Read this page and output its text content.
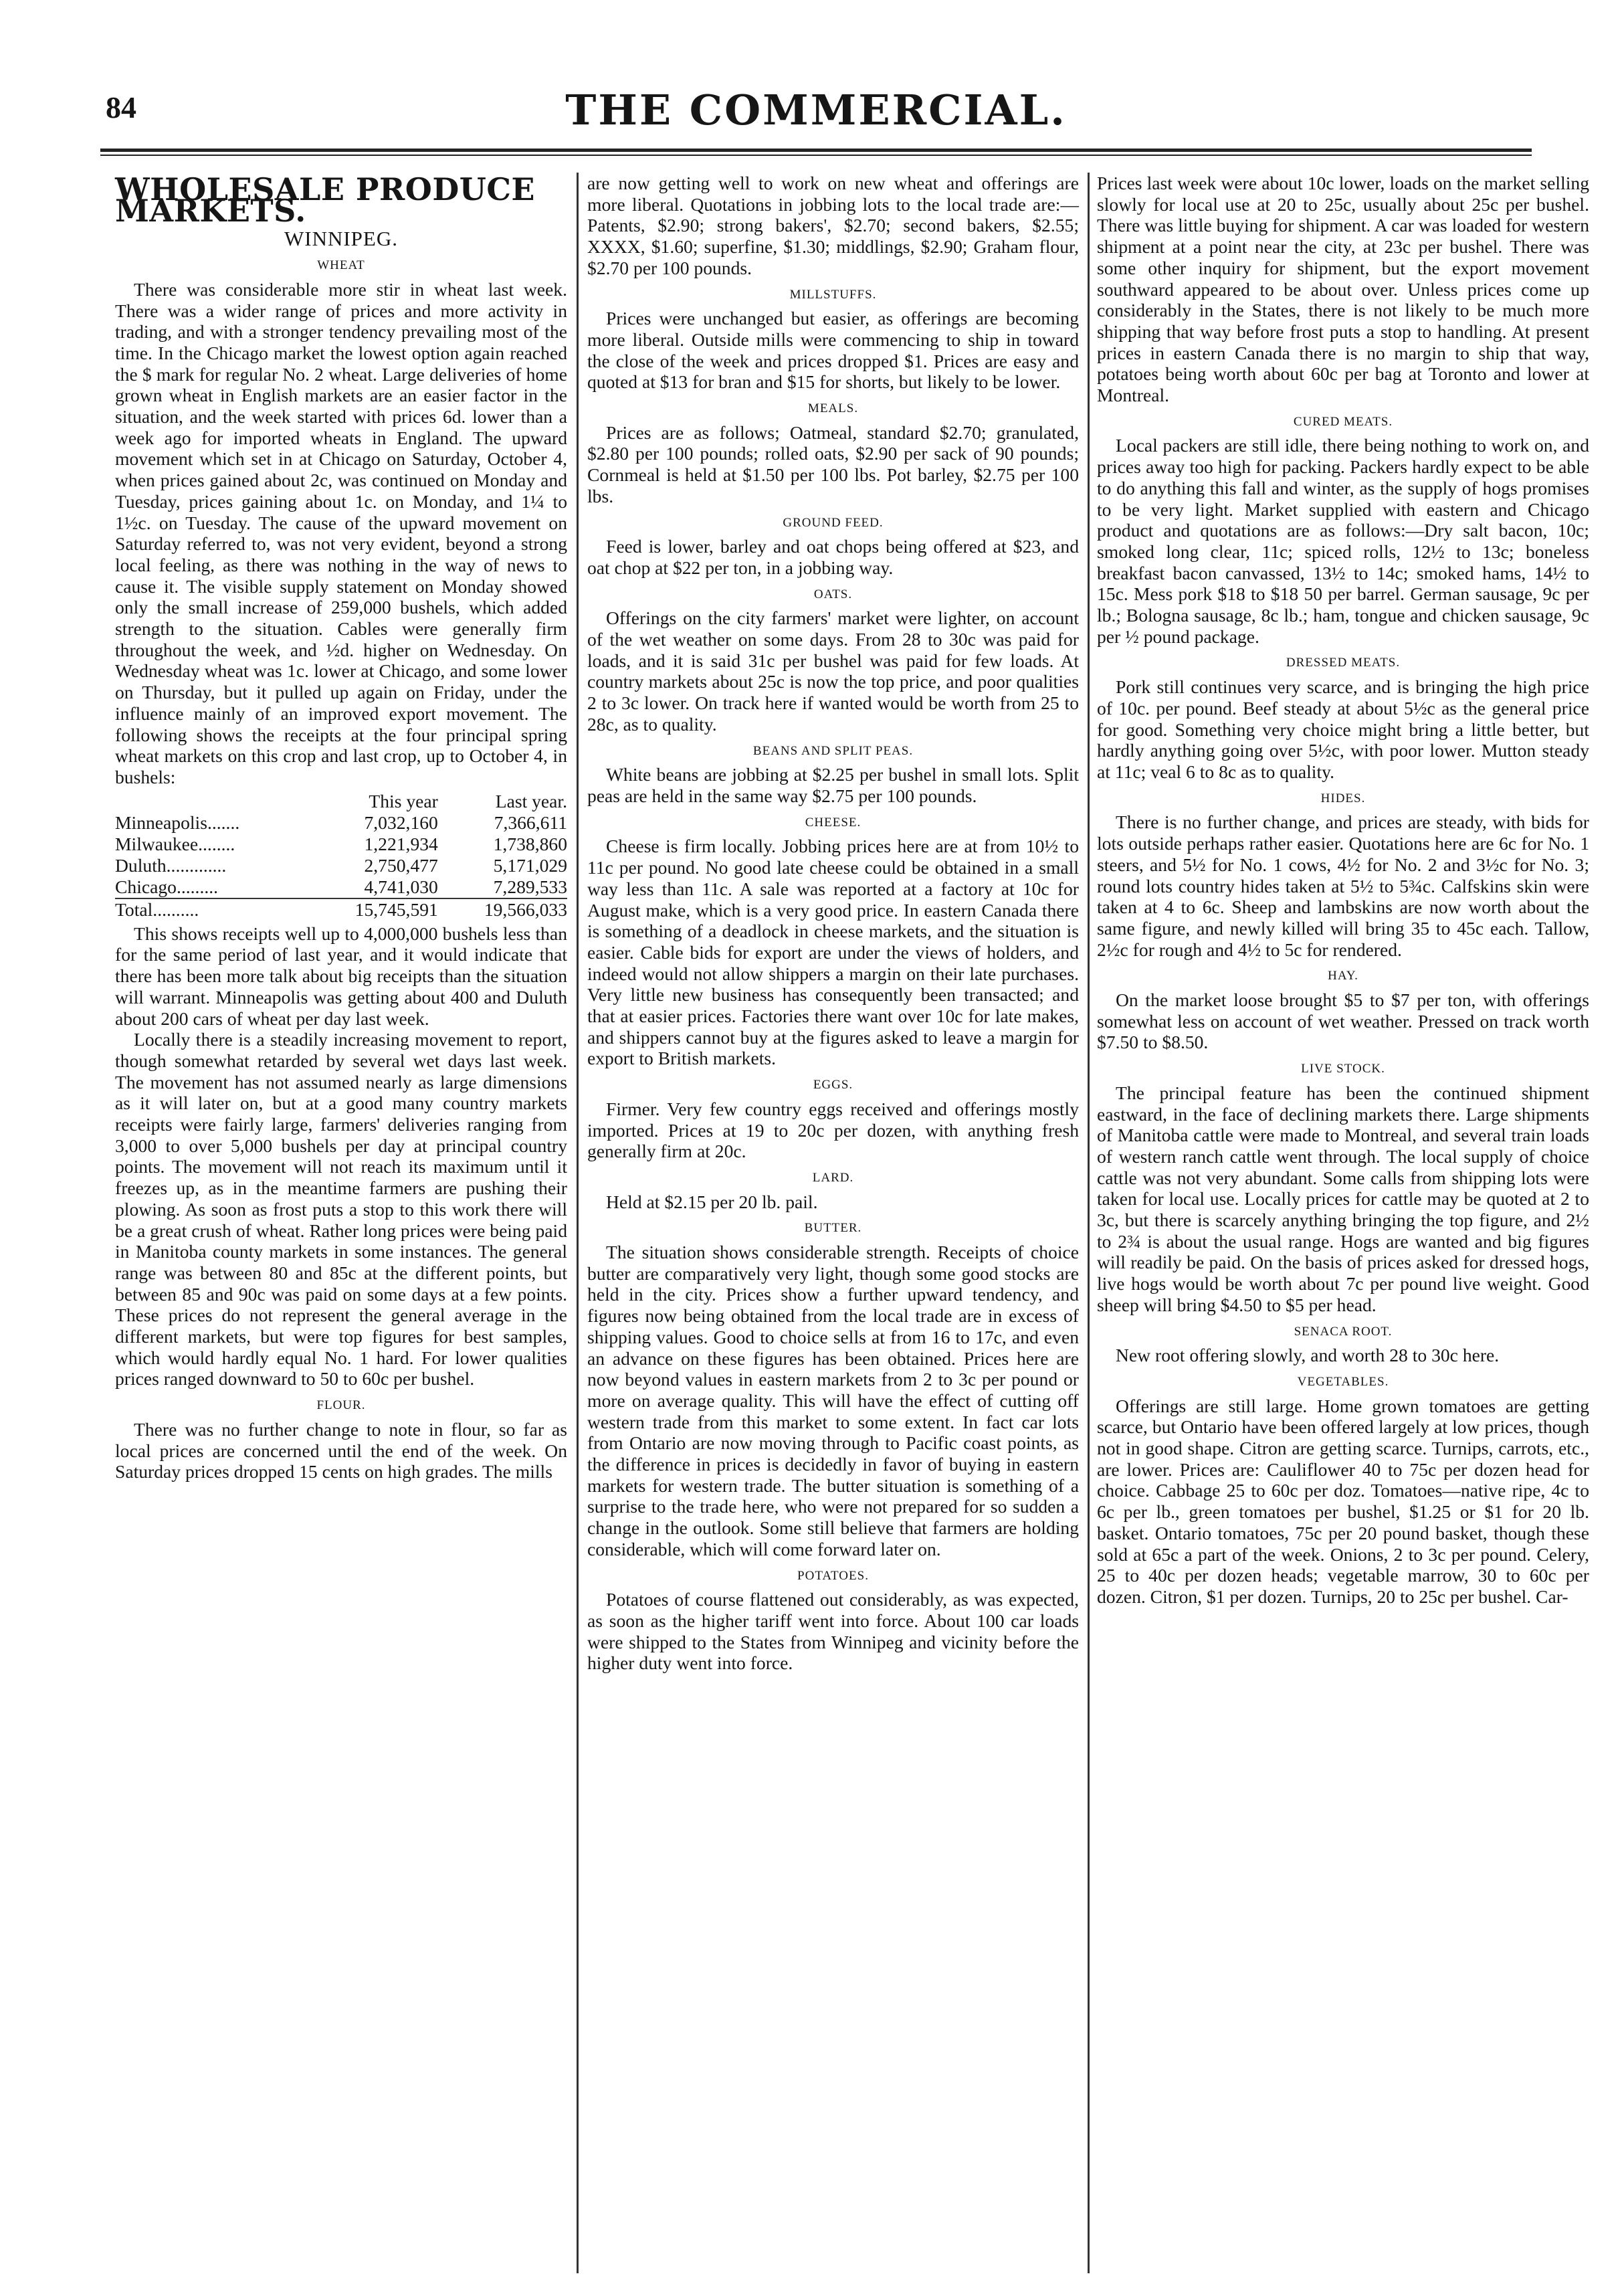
84	THE COMMERCIAL.
WHOLESALE PRODUCE MARKETS.
WINNIPEG.
WHEAT

There was considerable more stir in wheat last week. There was a wider range of prices and more activity in trading, and with a stronger tendency prevailing most of the time. In the Chicago market the lowest option again reached the $ mark for regular No. 2 wheat. Large deliveries of home grown wheat in English markets are an easier factor in the situation, and the week started with prices 6d. lower than a week ago for imported wheats in England. The upward movement which set in at Chicago on Saturday, October 4, when prices gained about 2c, was continued on Monday and Tuesday, prices gaining about 1c. on Monday, and 1¼ to 1½c. on Tuesday. The cause of the upward movement on Saturday referred to, was not very evident, beyond a strong local feeling, as there was nothing in the way of news to cause it. The visible supply statement on Monday showed only the small increase of 259,000 bushels, which added strength to the situation. Cables were generally firm throughout the week, and ½d. higher on Wednesday. On Wednesday wheat was 1c. lower at Chicago, and some lower on Thursday, but it pulled up again on Friday, under the influence mainly of an improved export movement. The following shows the receipts at the four principal spring wheat markets on this crop and last crop, up to October 4, in bushels:

	This year	Last year.
Minneapolis.......	7,032,160	7,366,611
Milwaukee........	1,221,934	1,738,860
Duluth.............	2,750,477	5,171,029
Chicago.........	4,741,030	7,289,533
Total..........	15,745,591	19,566,033

This shows receipts well up to 4,000,000 bushels less than for the same period of last year, and it would indicate that there has been more talk about big receipts than the situation will warrant. Minneapolis was getting about 400 and Duluth about 200 cars of wheat per day last week.

Locally there is a steadily increasing movement to report, though somewhat retarded by several wet days last week. The movement has not assumed nearly as large dimensions as it will later on, but at a good many country markets receipts were fairly large, farmers' deliveries ranging from 3,000 to over 5,000 bushels per day at principal country points. The movement will not reach its maximum until it freezes up, as in the meantime farmers are pushing their plowing. As soon as frost puts a stop to this work there will be a great crush of wheat. Rather long prices were being paid in Manitoba county markets in some instances. The general range was between 80 and 85c at the different points, but between 85 and 90c was paid on some days at a few points. These prices do not represent the general average in the different markets, but were top figures for best samples, which would hardly equal No. 1 hard. For lower qualities prices ranged downward to 50 to 60c per bushel.

FLOUR.

There was no further change to note in flour, so far as local prices are concerned until the end of the week. On Saturday prices dropped 15 cents on high grades. The mills

are now getting well to work on new wheat and offerings are more liberal. Quotations in jobbing lots to the local trade are:—Patents, $2.90; strong bakers', $2.70; second bakers, $2.55; XXXX, $1.60; superfine, $1.30; middlings, $2.90; Graham flour, $2.70 per 100 pounds.

MILLSTUFFS.

Prices were unchanged but easier, as offerings are becoming more liberal. Outside mills were commencing to ship in toward the close of the week and prices dropped $1. Prices are easy and quoted at $13 for bran and $15 for shorts, but likely to be lower.

MEALS.

Prices are as follows; Oatmeal, standard $2.70; granulated, $2.80 per 100 pounds; rolled oats, $2.90 per sack of 90 pounds; Cornmeal is held at $1.50 per 100 lbs. Pot barley, $2.75 per 100 lbs.

GROUND FEED.

Feed is lower, barley and oat chops being offered at $23, and oat chop at $22 per ton, in a jobbing way.

OATS.

Offerings on the city farmers' market were lighter, on account of the wet weather on some days. From 28 to 30c was paid for loads, and it is said 31c per bushel was paid for few loads. At country markets about 25c is now the top price, and poor qualities 2 to 3c lower. On track here if wanted would be worth from 25 to 28c, as to quality.

BEANS AND SPLIT PEAS.

White beans are jobbing at $2.25 per bushel in small lots. Split peas are held in the same way $2.75 per 100 pounds.

CHEESE.

Cheese is firm locally. Jobbing prices here are at from 10½ to 11c per pound. No good late cheese could be obtained in a small way less than 11c. A sale was reported at a factory at 10c for August make, which is a very good price. In eastern Canada there is something of a deadlock in cheese markets, and the situation is easier. Cable bids for export are under the views of holders, and indeed would not allow shippers a margin on their late purchases. Very little new business has consequently been transacted; and that at easier prices. Factories there want over 10c for late makes, and shippers cannot buy at the figures asked to leave a margin for export to British markets.

EGGS.

Firmer. Very few country eggs received and offerings mostly imported. Prices at 19 to 20c per dozen, with anything fresh generally firm at 20c.

LARD.

Held at $2.15 per 20 lb. pail.

BUTTER.

The situation shows considerable strength. Receipts of choice butter are comparatively very light, though some good stocks are held in the city. Prices show a further upward tendency, and figures now being obtained from the local trade are in excess of shipping values. Good to choice sells at from 16 to 17c, and even an advance on these figures has been obtained. Prices here are now beyond values in eastern markets from 2 to 3c per pound or more on average quality. This will have the effect of cutting off western trade from this market to some extent. In fact car lots from Ontario are now moving through to Pacific coast points, as the difference in prices is decidedly in favor of buying in eastern markets for western trade. The butter situation is something of a surprise to the trade here, who were not prepared for so sudden a change in the outlook. Some still believe that farmers are holding considerable, which will come forward later on.

POTATOES.

Potatoes of course flattened out considerably, as was expected, as soon as the higher tariff went into force. About 100 car loads were shipped to the States from Winnipeg and vicinity before the higher duty went into force.

Prices last week were about 10c lower, loads on the market selling slowly for local use at 20 to 25c, usually about 25c per bushel. There was little buying for shipment. A car was loaded for western shipment at a point near the city, at 23c per bushel. There was some other inquiry for shipment, but the export movement southward appeared to be about over. Unless prices come up considerably in the States, there is not likely to be much more shipping that way before frost puts a stop to handling. At present prices in eastern Canada there is no margin to ship that way, potatoes being worth about 60c per bag at Toronto and lower at Montreal.

CURED MEATS.

Local packers are still idle, there being nothing to work on, and prices away too high for packing. Packers hardly expect to be able to do anything this fall and winter, as the supply of hogs promises to be very light. Market supplied with eastern and Chicago product and quotations are as follows:—Dry salt bacon, 10c; smoked long clear, 11c; spiced rolls, 12½ to 13c; boneless breakfast bacon canvassed, 13½ to 14c; smoked hams, 14½ to 15c. Mess pork $18 to $18 50 per barrel. German sausage, 9c per lb.; Bologna sausage, 8c lb.; ham, tongue and chicken sausage, 9c per ½ pound package.

DRESSED MEATS.

Pork still continues very scarce, and is bringing the high price of 10c. per pound. Beef steady at about 5½c as the general price for good. Something very choice might bring a little better, but hardly anything going over 5½c, with poor lower. Mutton steady at 11c; veal 6 to 8c as to quality.

HIDES.

There is no further change, and prices are steady, with bids for lots outside perhaps rather easier. Quotations here are 6c for No. 1 steers, and 5½ for No. 1 cows, 4½ for No. 2 and 3½c for No. 3; round lots country hides taken at 5½ to 5¾c. Calfskins skin were taken at 4 to 6c. Sheep and lambskins are now worth about the same figure, and newly killed will bring 35 to 45c each. Tallow, 2½c for rough and 4½ to 5c for rendered.

HAY.

On the market loose brought $5 to $7 per ton, with offerings somewhat less on account of wet weather. Pressed on track worth $7.50 to $8.50.

LIVE STOCK.

The principal feature has been the continued shipment eastward, in the face of declining markets there. Large shipments of Manitoba cattle were made to Montreal, and several train loads of western ranch cattle went through. The local supply of choice cattle was not very abundant. Some calls from shipping lots were taken for local use. Locally prices for cattle may be quoted at 2 to 3c, but there is scarcely anything bringing the top figure, and 2½ to 2¾ is about the usual range. Hogs are wanted and big figures will readily be paid. On the basis of prices asked for dressed hogs, live hogs would be worth about 7c per pound live weight. Good sheep will bring $4.50 to $5 per head.

SENACA ROOT.

New root offering slowly, and worth 28 to 30c here.

VEGETABLES.

Offerings are still large. Home grown tomatoes are getting scarce, but Ontario have been offered largely at low prices, though not in good shape. Citron are getting scarce. Turnips, carrots, etc., are lower. Prices are: Cauliflower 40 to 75c per dozen head for choice. Cabbage 25 to 60c per doz. Tomatoes—native ripe, 4c to 6c per lb., green tomatoes per bushel, $1.25 or $1 for 20 lb. basket. Ontario tomatoes, 75c per 20 pound basket, though these sold at 65c a part of the week. Onions, 2 to 3c per pound. Celery, 25 to 40c per dozen heads; vegetable marrow, 30 to 60c per dozen. Citron, $1 per dozen. Turnips, 20 to 25c per bushel. Car-
